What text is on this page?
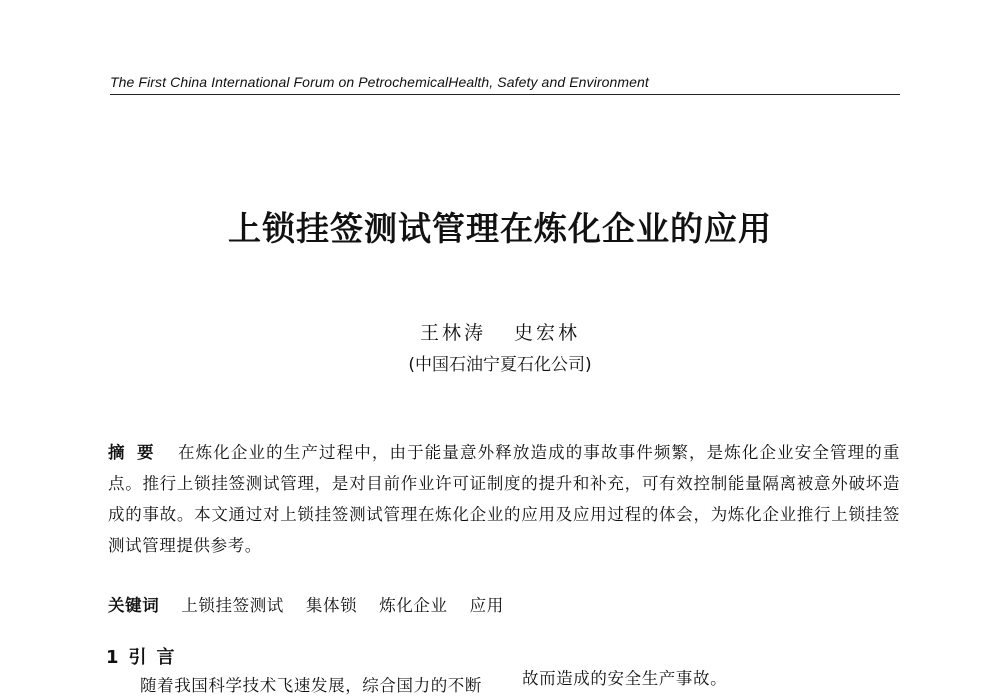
The First China International Forum on PetrochemicalHealth, Safety and Environment
上锁挂签测试管理在炼化企业的应用
王林涛 史宏林
(中国石油宁夏石化公司)
摘要 在炼化企业的生产过程中，由于能量意外释放造成的事故事件频繁，是炼化企业安全管理的重点。推行上锁挂签测试管理，是对目前作业许可证制度的提升和补充，可有效控制能量隔离被意外破坏造成的事故。本文通过对上锁挂签测试管理在炼化企业的应用及应用过程的体会，为炼化企业推行上锁挂签测试管理提供参考。
关键词 上锁挂签测试 集体锁 炼化企业 应用
1 引言
随着我国科学技术飞速发展，综合国力的不断	故而造成的安全生产事故。
